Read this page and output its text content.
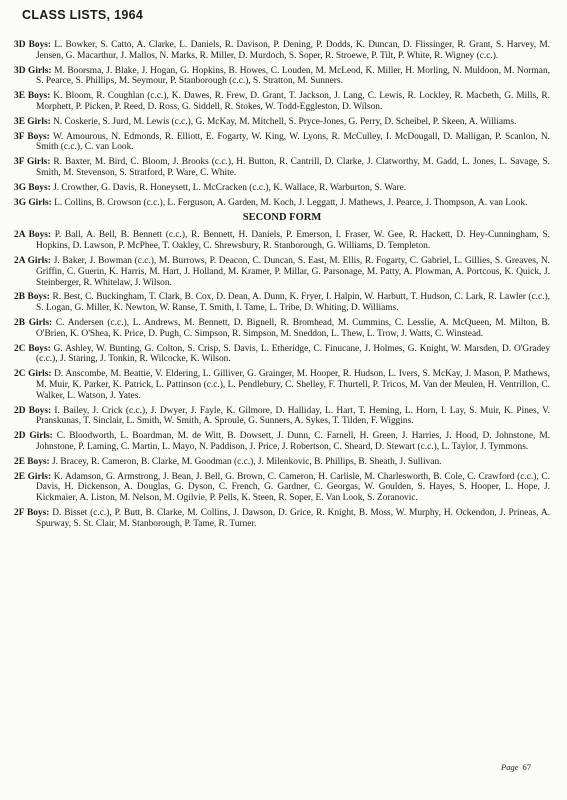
CLASS LISTS, 1964
3D Boys: L. Bowker, S. Catto, A. Clarke, L. Daniels, R. Davison, P. Dening, P. Dodds, K. Duncan, D. Flissinger, R. Grant, S. Harvey, M. Jensen, G. Macarthur, J. Mallos, N. Marks, R. Miller, D. Murdoch, S. Soper, R. Stroewe, P. Tilt, P. White, R. Wigney (c.c.).
3D Girls: M. Boorsma, J. Blake, J. Hogan, G. Hopkins, B. Howes, C. Louden, M. McLeod, K. Miller, H. Morling, N. Muldoon, M. Norman, S. Pearce, S. Phillips, M. Seymour, P. Stanborough (c.c.), S. Stratton, M. Sunners.
3E Boys: K. Bloom, R. Coughlan (c.c.), K. Dawes, R. Frew, D. Grant, T. Jackson, J. Lang, C. Lewis, R. Lockley, R. Macbeth, G. Mills, R. Morphett, P. Picken, P. Reed, D. Ross, G. Siddell, R. Stokes, W. Todd-Eggleston, D. Wilson.
3E Girls: N. Coskerie, S. Jurd, M. Lewis (c.c.), G. McKay, M. Mitchell, S. Pryce-Jones, G. Perry, D. Scheibel, P. Skeen, A. Williams.
3F Boys: W. Amourous, N. Edmonds, R. Elliott, E. Fogarty, W. King, W. Lyons, R. McCulley, I. McDougall, D. Malligan, P. Scanlon, N. Smith (c.c.), C. van Look.
3F Girls: R. Baxter, M. Bird, C. Bloom, J. Brooks (c.c.), H. Button, R. Cantrill, D. Clarke, J. Clatworthy, M. Gadd, L. Jones, L. Savage, S. Smith, M. Stevenson, S. Stratford, P. Ware, C. White.
3G Boys: J. Crowther, G. Davis, R. Honeysett, L. McCracken (c.c.), K. Wallace, R. Warburton, S. Ware.
3G Girls: L. Collins, B. Crowson (c.c.), L. Ferguson, A. Garden, M. Koch, J. Leggatt, J. Mathews, J. Pearce, J. Thompson, A. van Look.
SECOND FORM
2A Boys: P. Ball, A. Bell, B. Bennett (c.c.), R. Bennett, H. Daniels, P. Emerson, I. Fraser, W. Gee, R. Hackett, D. Hey-Cunningham, S. Hopkins, D. Lawson, P. McPhee, T. Oakley, C. Shrewsbury, R. Stanborough, G. Williams, D. Templeton.
2A Girls: J. Baker, J. Bowman (c.c.), M. Burrows, P. Deacon, C. Duncan, S. East, M. Ellis, R. Fogarty, C. Gabriel, L. Gillies, S. Greaves, N. Griffin, C. Guerin, K. Harris, M. Hart, J. Holland, M. Kramer, P. Millar, G. Parsonage, M. Patty, A. Plowman, A. Portcous, K. Quick, J. Steinberger, R. Whitelaw, J. Wilson.
2B Boys: R. Best, C. Buckingham, T. Clark, B. Cox, D. Dean, A. Dunn, K. Fryer, I. Halpin, W. Harbutt, T. Hudson, C. Lark, R. Lawler (c.c.), S. Logan, G. Miller, K. Newton, W. Ranse, T. Smith, I. Tame, L. Tribe, D. Whiting, D. Williams.
2B Girls: C. Andersen (c.c.), L. Andrews, M. Bennett, D. Bignell, R. Bromhead, M. Cummins, C. Lesslie, A. McQueen, M. Milton, B. O'Brien, K. O'Shea, K. Price, D. Pugh, C. Simpson, R. Simpson, M. Sneddon, L. Thew, L. Trow, J. Watts, C. Winstead.
2C Boys: G. Ashley, W. Bunting, G. Colton, S. Crisp, S. Davis, L. Etheridge, C. Finucane, J. Holmes, G. Knight, W. Marsden, D. O'Gradey (c.c.), J. Staring, J. Tonkin, R. Wilcocke, K. Wilson.
2C Girls: D. Anscombe, M. Beattie, V. Eldering, L. Gilliver, G. Grainger, M. Hooper, R. Hudson, L. Ivers, S. McKay, J. Mason, P. Mathews, M. Muir, K. Parker, K. Patrick, L. Pattinson (c.c.), L. Pendlebury, C. Shelley, F. Thurtell, P. Tricos, M. Van der Meulen, H. Ventrillon, C. Walker, L. Watson, J. Yates.
2D Boys: I. Bailey, J. Crick (c.c.), J. Dwyer, J. Fayle, K. Gilmore, D. Halliday, L. Hart, T. Heming, L. Horn, I. Lay, S. Muir, K. Pines, V. Pranskunas, T. Sinclair, L. Smith, W. Smith, A. Sproule, G. Sunners, A. Sykes, T. Tilden, F. Wiggins.
2D Girls: C. Bloodworth, L. Boardman, M. de Witt, B. Dowsett, J. Dunn, C. Farnell, H. Green, J. Harries, J. Hood, D. Johnstone, M. Johnstone, P. Laming, C. Martin, L. Mayo, N. Paddison, J. Price, J. Robertson, C. Sheard, D. Stewart (c.c.), L. Taylor, J. Tymmons.
2E Boys: J. Bracey, R. Cameron, B. Clarke, M. Goodman (c.c.), J. Milenkovic, B. Phillips, B. Sheath, J. Sullivan.
2E Girls: K. Adamson, G. Armstrong, J. Bean, J. Bell, G. Brown, C. Cameron, H. Carlisle, M. Charlesworth, B. Cole, C. Crawford (c.c.), C. Davis, H. Dickenson, A. Douglas, G. Dyson, C. French, G. Gardner, C. Georgas, W. Goulden, S. Hayes, S. Hooper, L. Hope, J. Kickmaier, A. Liston, M. Nelson, M. Ogilvie, P. Pells, K. Steen, R. Soper, E. Van Look, S. Zoranovic.
2F Boys: D. Bisset (c.c.), P. Butt, B. Clarke, M. Collins, J. Dawson, D. Grice, R. Knight, B. Moss, W. Murphy, H. Ockendon, J. Prineas, A. Spurway, S. St. Clair, M. Stanborough, P. Tame, R. Turner.
Page 67
